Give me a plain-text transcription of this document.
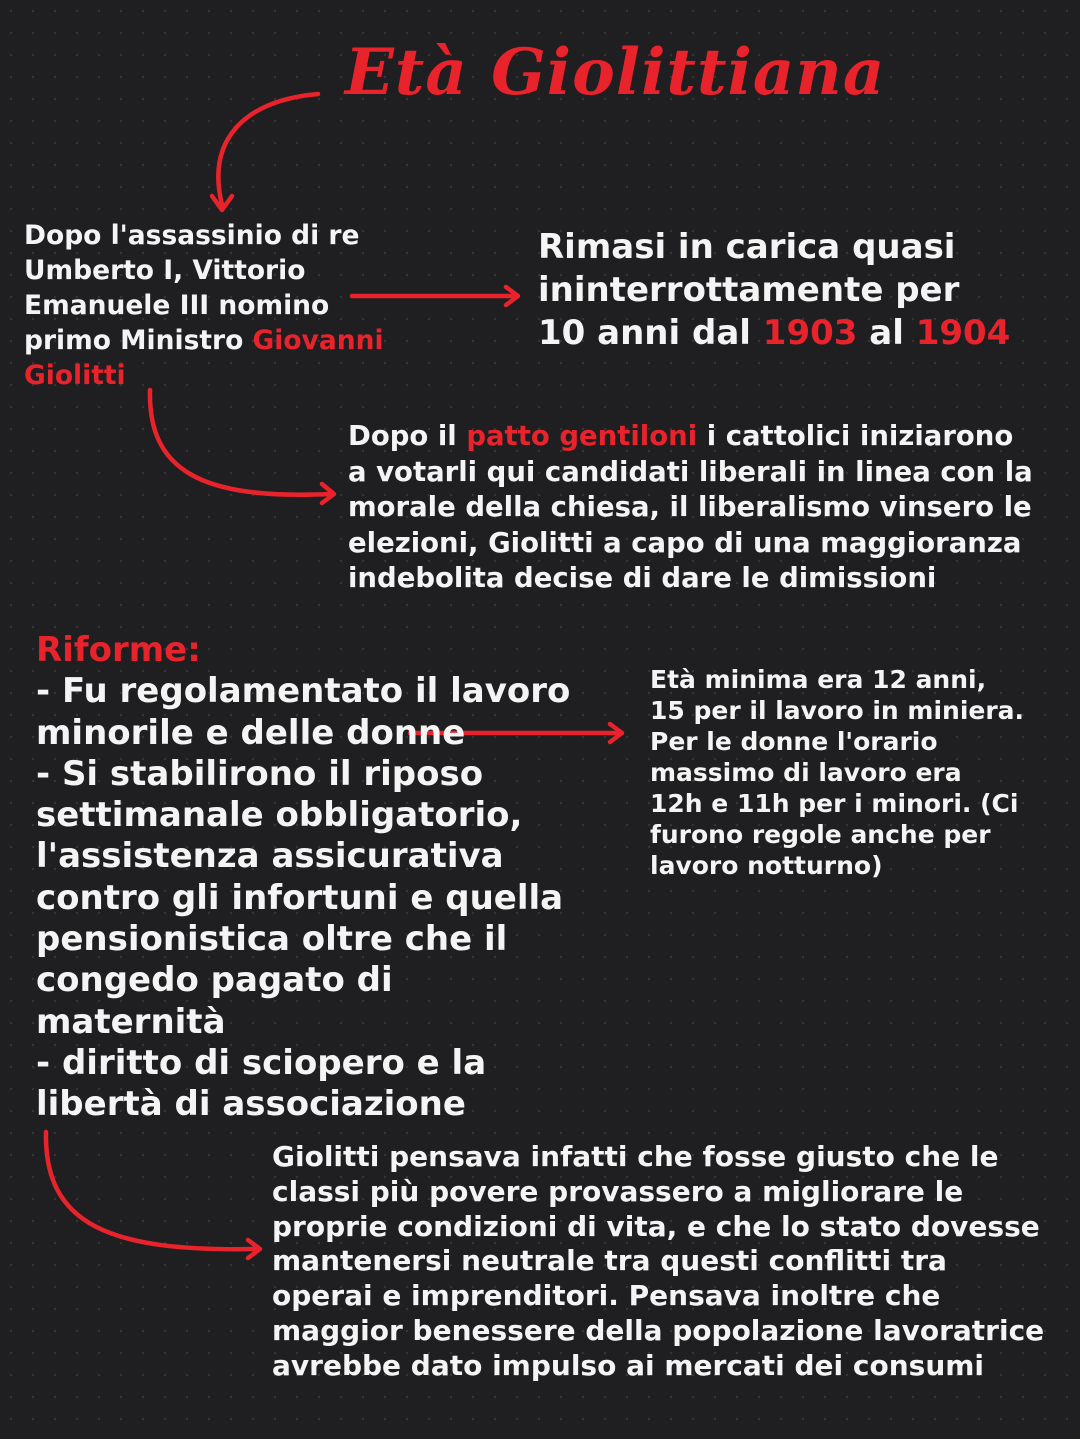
Età Giolittiana
Dopo l'assassinio di re
Umberto I, Vittorio
Emanuele III nomino
primo Ministro Giovanni
Giolitti
Rimasi in carica quasi
ininterrottamente per
10 anni dal 1903 al 1904
Dopo il patto gentiloni i cattolici iniziarono
a votarli qui candidati liberali in linea con la
morale della chiesa, il liberalismo vinsero le
elezioni, Giolitti a capo di una maggioranza
indebolita decise di dare le dimissioni
Riforme:
- Fu regolamentato il lavoro
minorile e delle donne
- Si stabilirono il riposo
settimanale obbligatorio,
l'assistenza assicurativa
contro gli infortuni e quella
pensionistica oltre che il
congedo pagato di
maternità
- diritto di sciopero e la
libertà di associazione
Età minima era 12 anni,
15 per il lavoro in miniera.
Per le donne l'orario
massimo di lavoro era
12h e 11h per i minori. (Ci
furono regole anche per
lavoro notturno)
Giolitti pensava infatti che fosse giusto che le
classi più povere provassero a migliorare le
proprie condizioni di vita, e che lo stato dovesse
mantenersi neutrale tra questi conflitti tra
operai e imprenditori. Pensava inoltre che
maggior benessere della popolazione lavoratrice
avrebbe dato impulso ai mercati dei consumi
